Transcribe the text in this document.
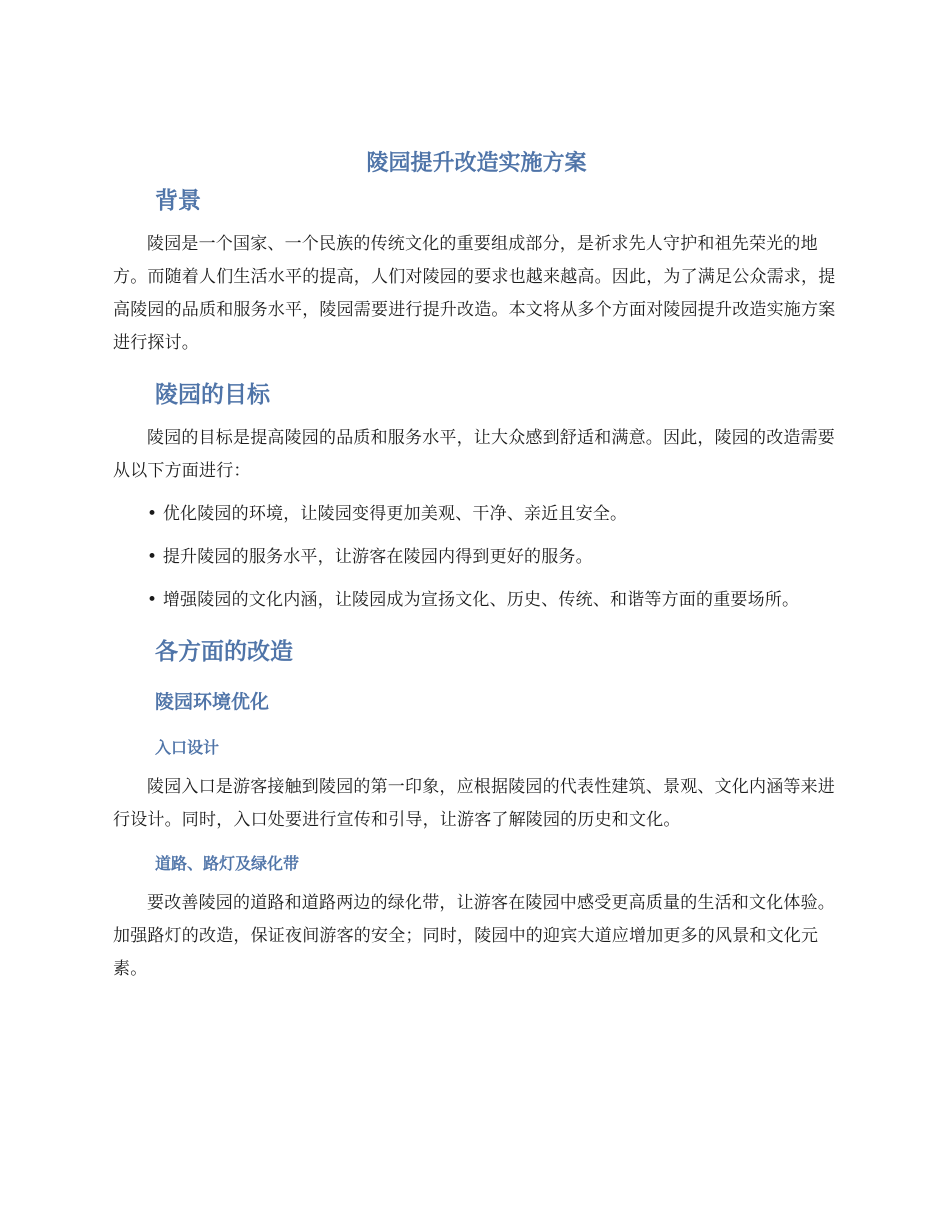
陵园提升改造实施方案
背景

陵园是一个国家、一个民族的传统文化的重要组成部分，是祈求先人守护和祖先荣光的地方。而随着人们生活水平的提高，人们对陵园的要求也越来越高。因此，为了满足公众需求，提高陵园的品质和服务水平，陵园需要进行提升改造。本文将从多个方面对陵园提升改造实施方案进行探讨。

陵园的目标

陵园的目标是提高陵园的品质和服务水平，让大众感到舒适和满意。因此，陵园的改造需要从以下方面进行：

• 优化陵园的环境，让陵园变得更加美观、干净、亲近且安全。

• 提升陵园的服务水平，让游客在陵园内得到更好的服务。

• 增强陵园的文化内涵，让陵园成为宣扬文化、历史、传统、和谐等方面的重要场所。

各方面的改造
陵园环境优化
入口设计

陵园入口是游客接触到陵园的第一印象，应根据陵园的代表性建筑、景观、文化内涵等来进行设计。同时，入口处要进行宣传和引导，让游客了解陵园的历史和文化。

道路、路灯及绿化带

要改善陵园的道路和道路两边的绿化带，让游客在陵园中感受更高质量的生活和文化体验。加强路灯的改造，保证夜间游客的安全；同时，陵园中的迎宾大道应增加更多的风景和文化元素。
